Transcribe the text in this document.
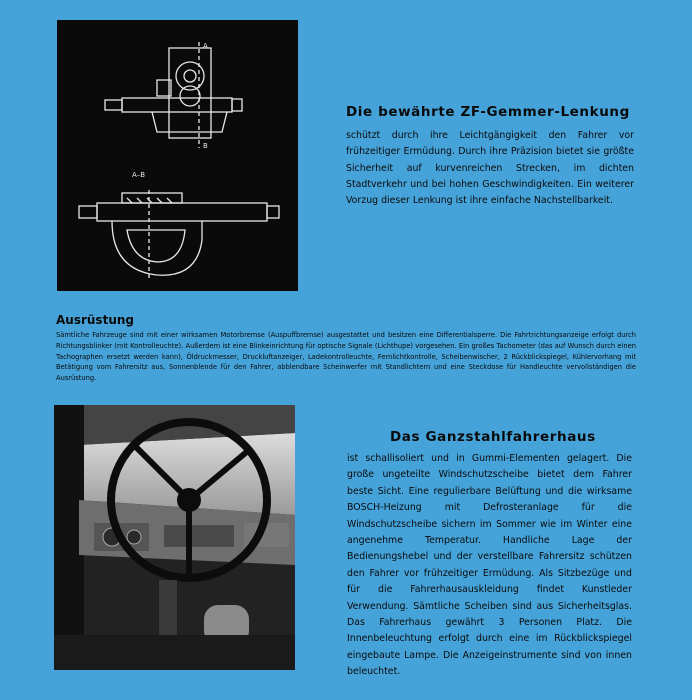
A
B
A–B
Die bewährte ZF-Gemmer-Lenkung

schützt durch ihre Leichtgängigkeit den Fahrer vor frühzeitiger Ermüdung. Durch ihre Präzision bietet sie größte Sicherheit auf kurvenreichen Strecken, im dichten Stadtverkehr und bei hohen Geschwindigkeiten. Ein weiterer Vorzug dieser Lenkung ist ihre einfache Nachstellbarkeit.

Ausrüstung

Sämtliche Fahrzeuge sind mit einer wirksamen Motorbremse (Auspuffbremse) ausgestattet und besitzen eine Differentialsperre. Die Fahrtrichtungsanzeige erfolgt durch Richtungsblinker (mit Kontrolleuchte). Außerdem ist eine Blinkeinrichtung für optische Signale (Lichthupe) vorgesehen. Ein großes Tachometer (das auf Wunsch durch einen Tachographen ersetzt werden kann), Öldruckmesser, Druckluftanzeiger, Ladekontrolleuchte, Fernlichtkontrolle, Scheibenwischer, 2 Rückblickspiegel, Kühlervorhang mit Betätigung vom Fahrersitz aus, Sonnenblende für den Fahrer, abblendbare Scheinwerfer mit Standlichtern und eine Steckdose für Handleuchte vervollständigen die Ausrüstung.

Das Ganzstahlfahrerhaus

ist schallisoliert und in Gummi-Elementen gelagert. Die große ungeteilte Windschutzscheibe bietet dem Fahrer beste Sicht. Eine regulierbare Belüftung und die wirksame BOSCH-Heizung mit Defrosteranlage für die Windschutzscheibe sichern im Sommer wie im Winter eine angenehme Temperatur. Handliche Lage der Bedienungshebel und der verstellbare Fahrersitz schützen den Fahrer vor frühzeitiger Ermüdung. Als Sitzbezüge und für die Fahrerhausauskleidung findet Kunstleder Verwendung. Sämtliche Scheiben sind aus Sicherheitsglas. Das Fahrerhaus gewährt 3 Personen Platz. Die Innenbeleuchtung erfolgt durch eine im Rückblickspiegel eingebaute Lampe. Die Anzeigeinstrumente sind von innen beleuchtet.
